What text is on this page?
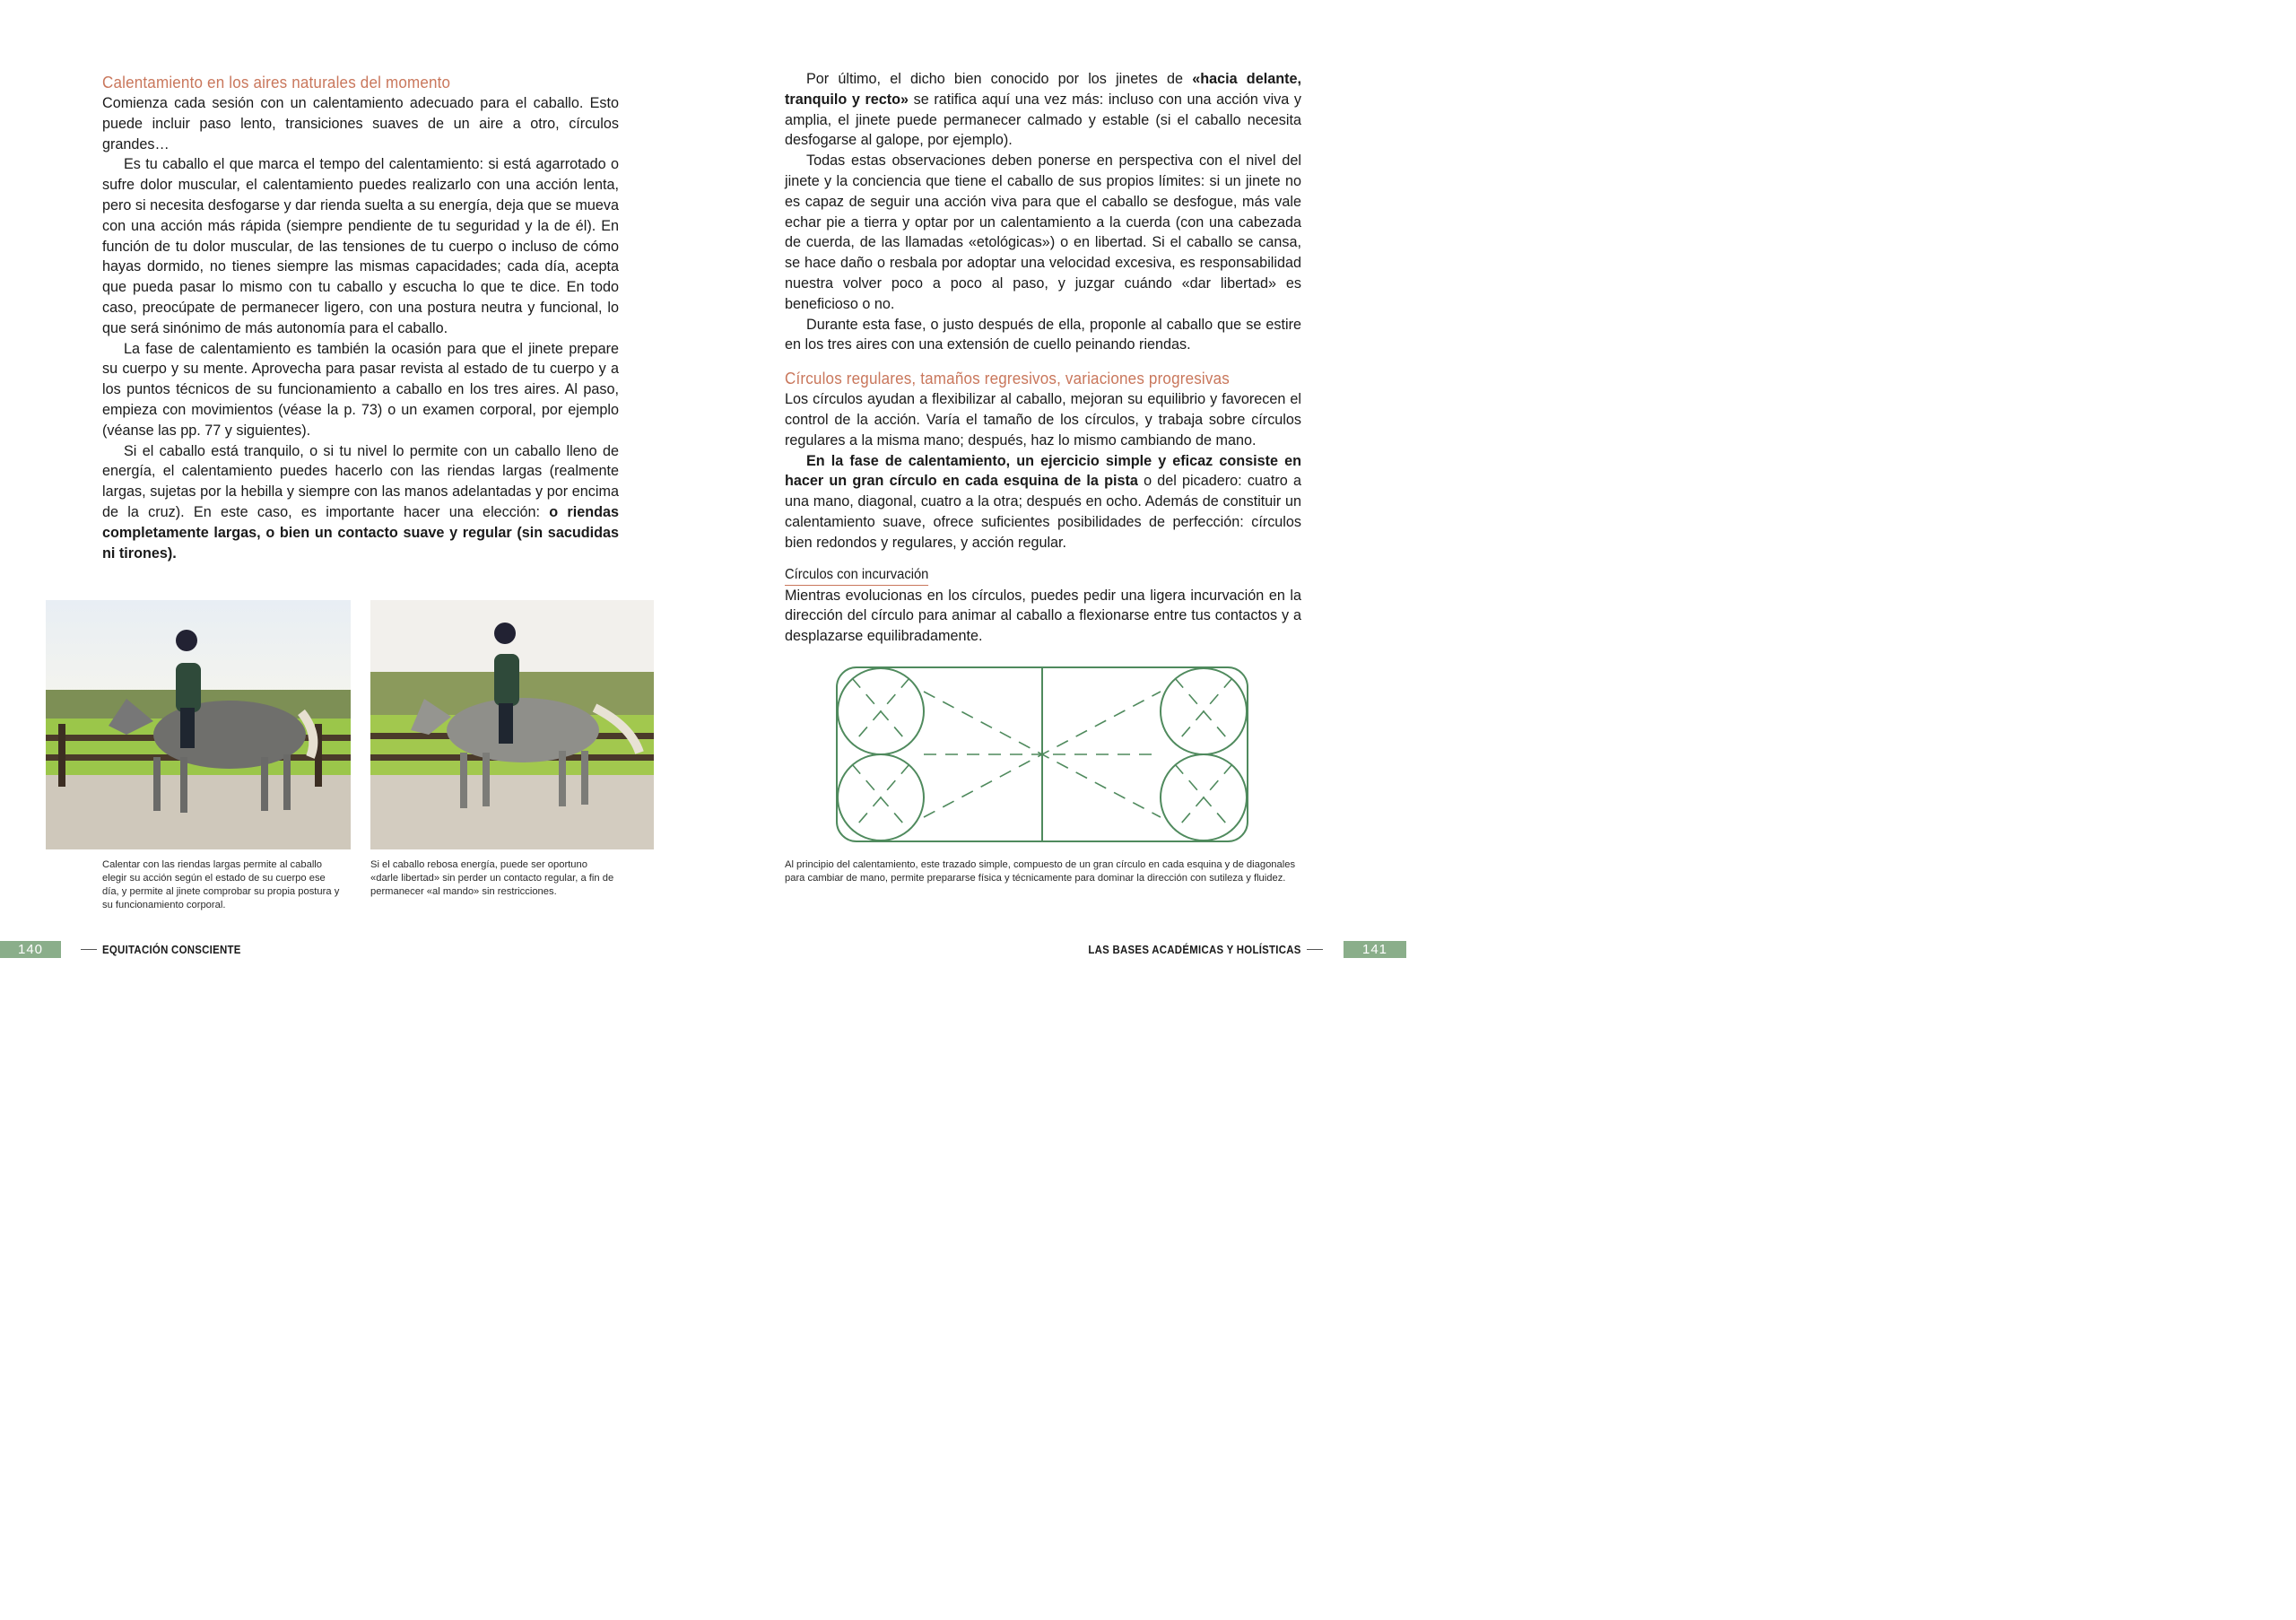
Calentamiento en los aires naturales del momento

Comienza cada sesión con un calentamiento adecuado para el caballo. Esto puede incluir paso lento, transiciones suaves de un aire a otro, círculos grandes…

Es tu caballo el que marca el tempo del calentamiento: si está agarrotado o sufre dolor muscular, el calentamiento puedes realizarlo con una acción lenta, pero si necesita desfogarse y dar rienda suelta a su energía, deja que se mueva con una acción más rápida (siempre pendiente de tu seguridad y la de él). En función de tu dolor muscular, de las tensiones de tu cuerpo o incluso de cómo hayas dormido, no tienes siempre las mismas capacidades; cada día, acepta que pueda pasar lo mismo con tu caballo y escucha lo que te dice. En todo caso, preocúpate de permanecer ligero, con una postura neutra y funcional, lo que será sinónimo de más autonomía para el caballo.

La fase de calentamiento es también la ocasión para que el jinete prepare su cuerpo y su mente. Aprovecha para pasar revista al estado de tu cuerpo y a los puntos técnicos de su funcionamiento a caballo en los tres aires. Al paso, empieza con movimientos (véase la p. 73) o un examen corporal, por ejemplo (véanse las pp. 77 y siguientes).

Si el caballo está tranquilo, o si tu nivel lo permite con un caballo lleno de energía, el calentamiento puedes hacerlo con las riendas largas (realmente largas, sujetas por la hebilla y siempre con las manos adelantadas y por encima de la cruz). En este caso, es importante hacer una elección: o riendas completamente largas, o bien un contacto suave y regular (sin sacudidas ni tirones).

Calentar con las riendas largas permite al caballo elegir su acción según el estado de su cuerpo ese día, y permite al jinete comprobar su propia postura y su funcionamiento corporal.
Si el caballo rebosa energía, puede ser oportuno «darle libertad» sin perder un contacto regular, a fin de permanecer «al mando» sin restricciones.
140	EQUITACIÓN CONSCIENTE

Por último, el dicho bien conocido por los jinetes de «hacia delante, tranquilo y recto» se ratifica aquí una vez más: incluso con una acción viva y amplia, el jinete puede permanecer calmado y estable (si el caballo necesita desfogarse al galope, por ejemplo).

Todas estas observaciones deben ponerse en perspectiva con el nivel del jinete y la conciencia que tiene el caballo de sus propios límites: si un jinete no es capaz de seguir una acción viva para que el caballo se desfogue, más vale echar pie a tierra y optar por un calentamiento a la cuerda (con una cabezada de cuerda, de las llamadas «etológicas») o en libertad. Si el caballo se cansa, se hace daño o resbala por adoptar una velocidad excesiva, es responsabilidad nuestra volver poco a poco al paso, y juzgar cuándo «dar libertad» es beneficioso o no.

Durante esta fase, o justo después de ella, proponle al caballo que se estire en los tres aires con una extensión de cuello peinando riendas.

Círculos regulares, tamaños regresivos, variaciones progresivas

Los círculos ayudan a flexibilizar al caballo, mejoran su equilibrio y favorecen el control de la acción. Varía el tamaño de los círculos, y trabaja sobre círculos regulares a la misma mano; después, haz lo mismo cambiando de mano.

En la fase de calentamiento, un ejercicio simple y eficaz consiste en hacer un gran círculo en cada esquina de la pista o del picadero: cuatro a una mano, diagonal, cuatro a la otra; después en ocho. Además de constituir un calentamiento suave, ofrece suficientes posibilidades de perfección: círculos bien redondos y regulares, y acción regular.

Círculos con incurvación

Mientras evolucionas en los círculos, puedes pedir una ligera incurvación en la dirección del círculo para animar al caballo a flexionarse entre tus contactos y a desplazarse equilibradamente.

Al principio del calentamiento, este trazado simple, compuesto de un gran círculo en cada esquina y de diagonales para cambiar de mano, permite prepararse física y técnicamente para dominar la dirección con sutileza y fluidez.
LAS BASES ACADÉMICAS Y HOLÍSTICAS	141
